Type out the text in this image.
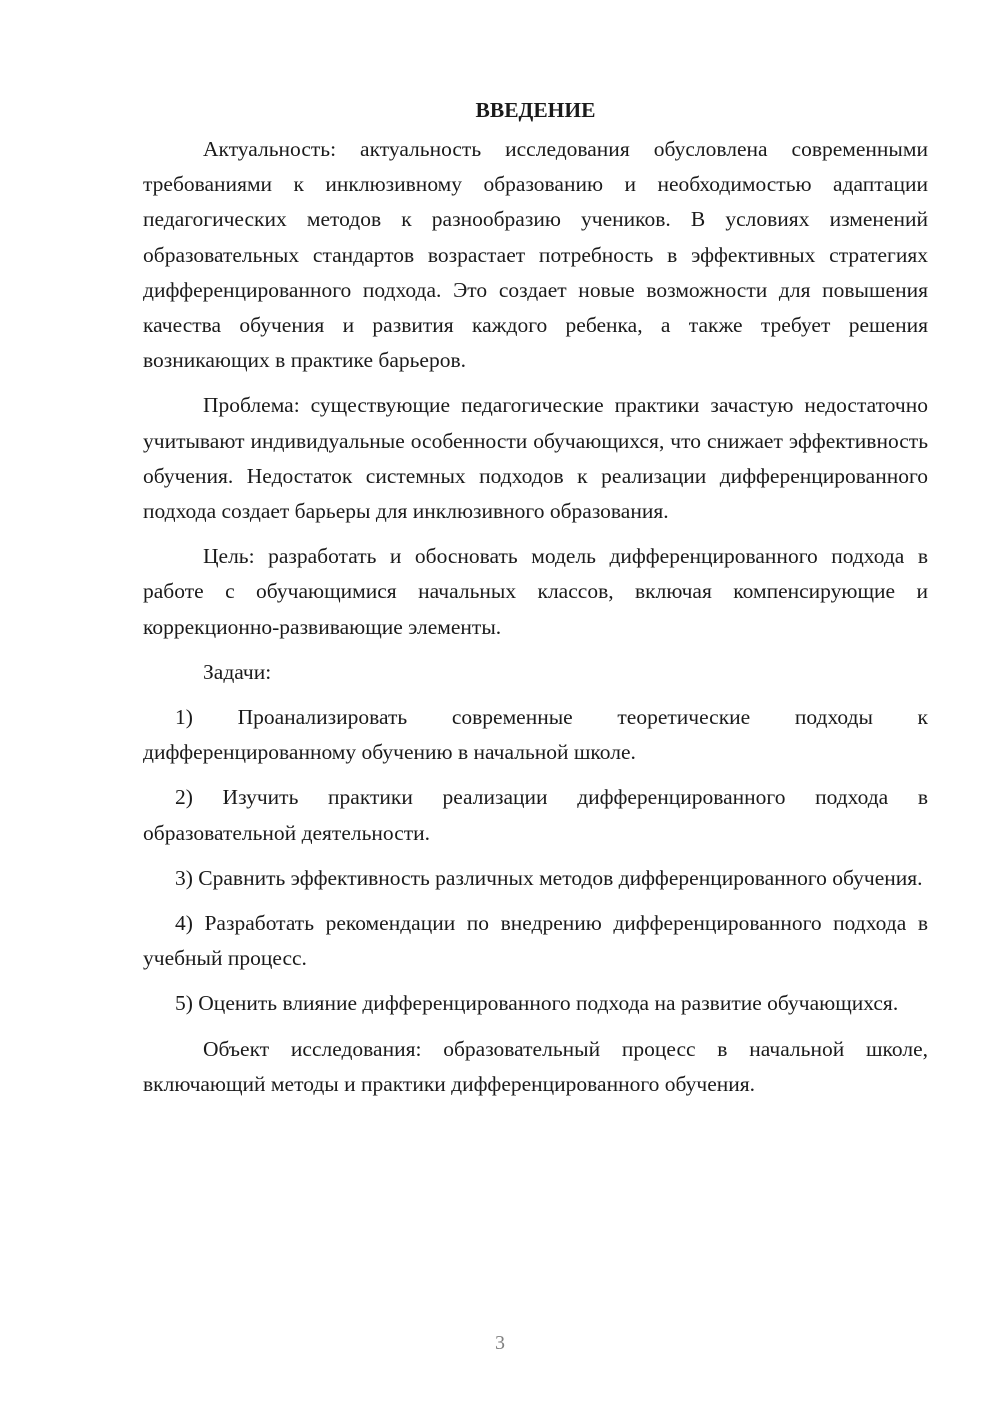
ВВЕДЕНИЕ

Актуальность: актуальность исследования обусловлена современными требованиями к инклюзивному образованию и необходимостью адаптации педагогических методов к разнообразию учеников. В условиях изменений образовательных стандартов возрастает потребность в эффективных стратегиях дифференцированного подхода. Это создает новые возможности для повышения качества обучения и развития каждого ребенка, а также требует решения возникающих в практике барьеров.

Проблема: существующие педагогические практики зачастую недостаточно учитывают индивидуальные особенности обучающихся, что снижает эффективность обучения. Недостаток системных подходов к реализации дифференцированного подхода создает барьеры для инклюзивного образования.

Цель: разработать и обосновать модель дифференцированного подхода в работе с обучающимися начальных классов, включая компенсирующие и коррекционно-развивающие элементы.

Задачи:

1) Проанализировать современные теоретические подходы к дифференцированному обучению в начальной школе.

2) Изучить практики реализации дифференцированного подхода в образовательной деятельности.

3) Сравнить эффективность различных методов дифференцированного обучения.

4) Разработать рекомендации по внедрению дифференцированного подхода в учебный процесс.

5) Оценить влияние дифференцированного подхода на развитие обучающихся.

Объект исследования: образовательный процесс в начальной школе, включающий методы и практики дифференцированного обучения.

3
